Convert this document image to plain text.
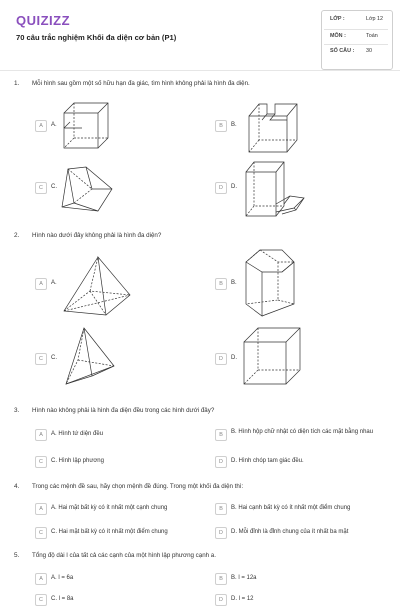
QUIZIZZ
70 câu trắc nghiệm Khối đa diện cơ bản (P1)
LỚP :	Lớp 12
MÔN :	Toán
SỐ CÂU : 30
1. Mỗi hình sau gồm một số hữu hạn đa giác, tìm hình không phải là hình đa diện.
A	A.	B	B.
C	C.	D	D.
2. Hình nào dưới đây không phải là hình đa diện?
A	A.	B	B.
C	C.	D	D.
3. Hình nào không phải là hình đa diện đều trong các hình dưới đây?
A	A. Hình tứ diện đều	B	B. Hình hộp chữ nhật có diện tích các mặt bằng nhau
C	C. Hình lập phương	D	D. Hình chóp tam giác đều.
4. Trong các mệnh đề sau, hãy chọn mệnh đề đúng. Trong một khối đa diện thì:
A	A. Hai mặt bất kỳ có ít nhất một cạnh chung	B	B. Hai cạnh bất kỳ có ít nhất một điểm chung
C	C. Hai mặt bất kỳ có ít nhất một điểm chung	D	D. Mỗi đỉnh là đỉnh chung của ít nhất ba mặt
5. Tổng độ dài l của tất cả các cạnh của một hình lập phương cạnh a.
A	A. l = 6a	B	B. l = 12a
C	C. l = 8a	D	D. l = 12
